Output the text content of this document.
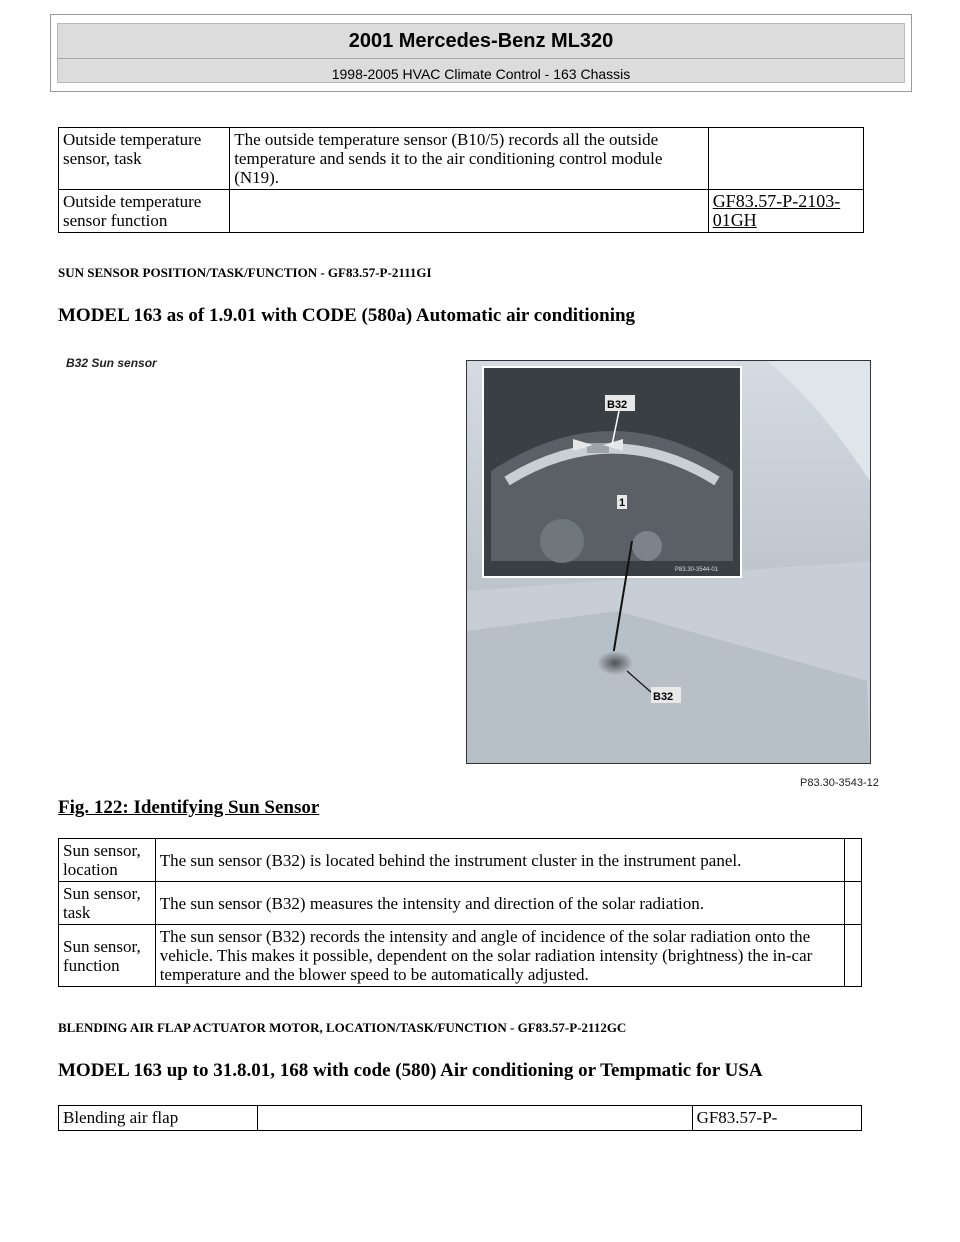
2001 Mercedes-Benz ML320
1998-2005 HVAC Climate Control - 163 Chassis
Outside temperature sensor, task	The outside temperature sensor (B10/5) records all the outside temperature and sends it to the air conditioning control module (N19).	
Outside temperature sensor function		GF83.57-P-2103-01GH
SUN SENSOR POSITION/TASK/FUNCTION - GF83.57-P-2111GI
MODEL 163 as of 1.9.01 with CODE (580a) Automatic air conditioning
B32 Sun sensor
B32
1
P83.30-3544-01
B32
P83.30-3543-12
Fig. 122: Identifying Sun Sensor
Sun sensor, location	The sun sensor (B32) is located behind the instrument cluster in the instrument panel.	
Sun sensor, task	The sun sensor (B32) measures the intensity and direction of the solar radiation.	
Sun sensor, function	The sun sensor (B32) records the intensity and angle of incidence of the solar radiation onto the vehicle. This makes it possible, dependent on the solar radiation intensity (brightness) the in-car temperature and the blower speed to be automatically adjusted.	
BLENDING AIR FLAP ACTUATOR MOTOR, LOCATION/TASK/FUNCTION - GF83.57-P-2112GC
MODEL 163 up to 31.8.01, 168 with code (580) Air conditioning or Tempmatic for USA
Blending air flap		GF83.57-P-
